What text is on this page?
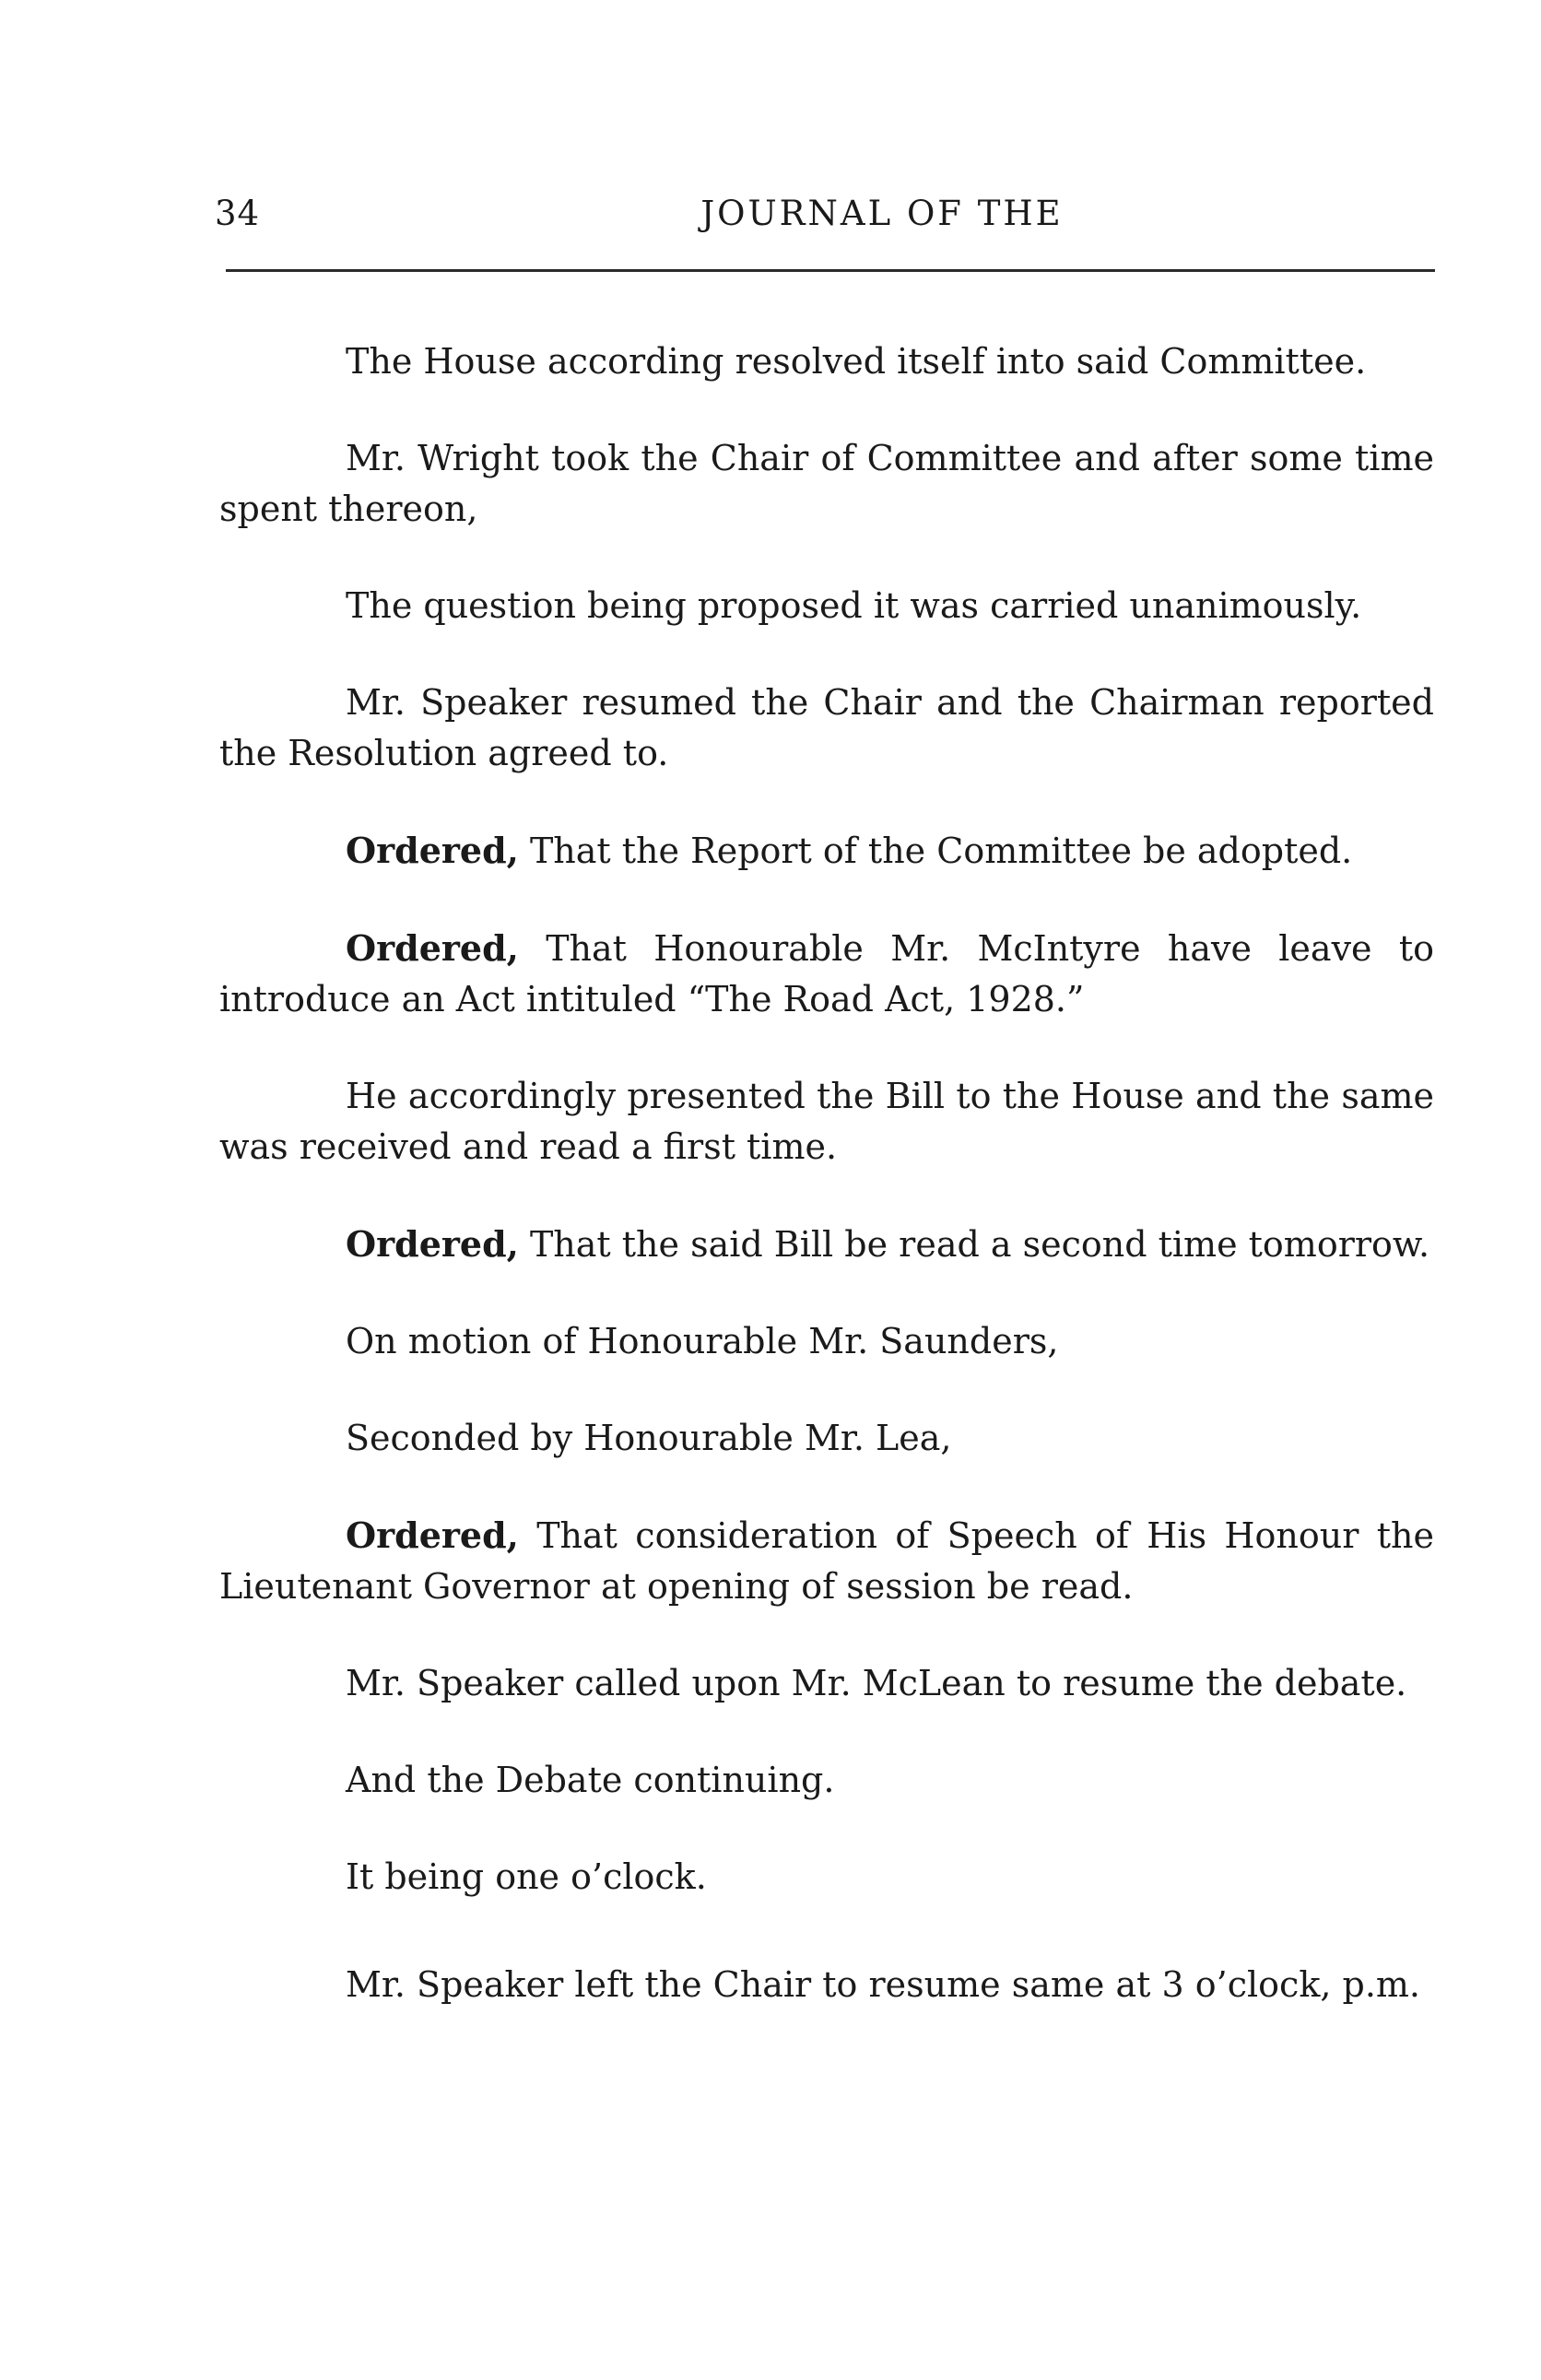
34	JOURNAL OF THE

The House according resolved itself into said Committee.

Mr. Wright took the Chair of Committee and after some time spent thereon,

The question being proposed it was carried unanimously.

Mr. Speaker resumed the Chair and the Chairman reported the Resolution agreed to.

Ordered, That the Report of the Committee be adopted.

Ordered, That Honourable Mr. McIntyre have leave to introduce an Act intituled “The Road Act, 1928.”

He accordingly presented the Bill to the House and the same was received and read a first time.

Ordered, That the said Bill be read a second time tomorrow.

On motion of Honourable Mr. Saunders,

Seconded by Honourable Mr. Lea,

Ordered, That consideration of Speech of His Honour the Lieutenant Governor at opening of session be read.

Mr. Speaker called upon Mr. McLean to resume the debate.

And the Debate continuing.

It being one o’clock.

Mr. Speaker left the Chair to resume same at 3 o’clock, p.m.
